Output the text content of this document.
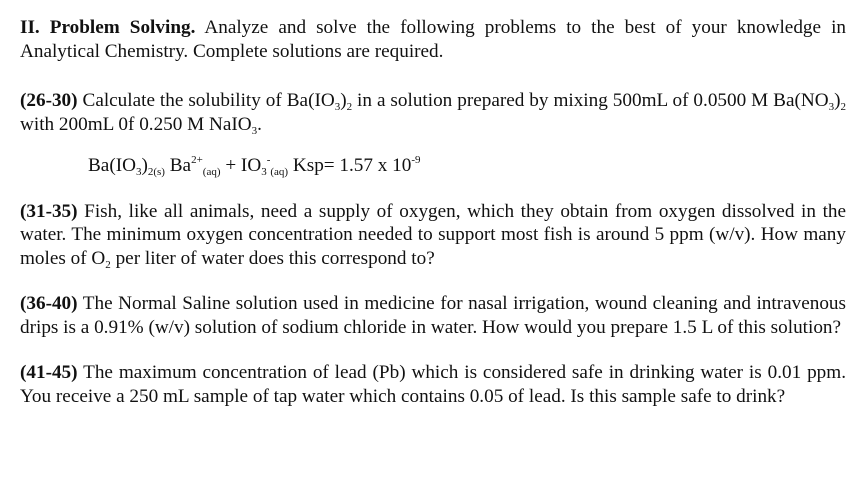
II. Problem Solving. Analyze and solve the following problems to the best of your knowledge in Analytical Chemistry. Complete solutions are required.

(26-30) Calculate the solubility of $Ba(IO_3)_2$ in a solution prepared by mixing 500mL of 0.0500 M $Ba(NO_3)_2$ with 200mL 0f 0.250 M NaIO$_3$.

$Ba(IO_3)_{2(s)}$ $Ba^{2+}_{(aq)} + IO_3^-_{(aq)}$ Ksp= 1.57 x $10^{-9}$

(31-35) Fish, like all animals, need a supply of oxygen, which they obtain from oxygen dissolved in the water. The minimum oxygen concentration needed to support most fish is around 5 ppm (w/v). How many moles of $O_2$ per liter of water does this correspond to?

(36-40) The Normal Saline solution used in medicine for nasal irrigation, wound cleaning and intravenous drips is a 0.91% (w/v) solution of sodium chloride in water. How would you prepare 1.5 L of this solution?

(41-45) The maximum concentration of lead (Pb) which is considered safe in drinking water is 0.01 ppm. You receive a 250 mL sample of tap water which contains 0.05 of lead. Is this sample safe to drink?
